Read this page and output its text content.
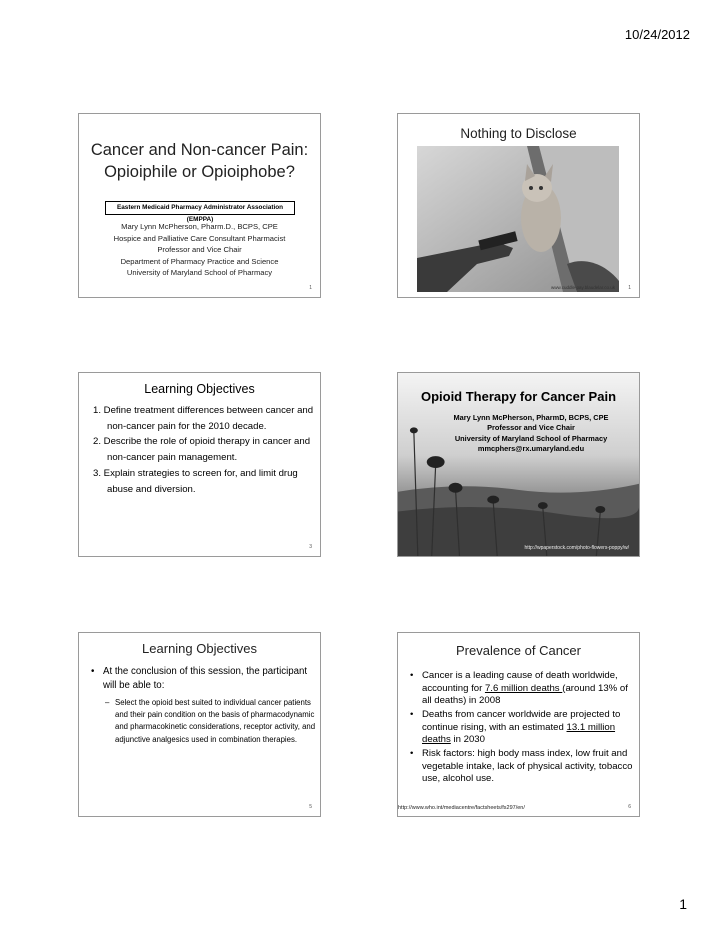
10/24/2012
Cancer and Non-cancer Pain:
Opioiphile or Opioiphobe?
Eastern Medicaid Pharmacy Administrator Association (EMPPA)
Mary Lynn McPherson, Pharm.D., BCPS, CPE
Hospice and Palliative Care Consultant Pharmacist
Professor and Vice Chair
Department of Pharmacy Practice and Science
University of Maryland School of Pharmacy
1
Nothing to Disclose
www.cuddle-pay.blaudelar.co.uk	1
Learning Objectives
1. Define treatment differences between cancer and non-cancer pain for the 2010 decade.
2. Describe the role of opioid therapy in cancer and non-cancer pain management.
3. Explain strategies to screen for, and limit drug abuse and diversion.
3
Opioid Therapy for Cancer Pain
Mary Lynn McPherson, PharmD, BCPS, CPE
Professor and Vice Chair
University of Maryland School of Pharmacy
mmcphers@rx.umaryland.edu
http://wpaperstock.com/photo-flowers-poppy/w/
Learning Objectives
• At the conclusion of this session, the participant will be able to:
– Select the opioid best suited to individual cancer patients and their pain condition on the basis of pharmacodynamic and pharmacokinetic considerations, receptor activity, and adjunctive analgesics used in combination therapies.
5
Prevalence of Cancer
• Cancer is a leading cause of death worldwide, accounting for 7.6 million deaths (around 13% of all deaths) in 2008
• Deaths from cancer worldwide are projected to continue rising, with an estimated 13.1 million deaths in 2030
• Risk factors: high body mass index, low fruit and vegetable intake, lack of physical activity, tobacco use, alcohol use.
http://www.who.int/mediacentre/factsheets/fs297/en/	6
1
